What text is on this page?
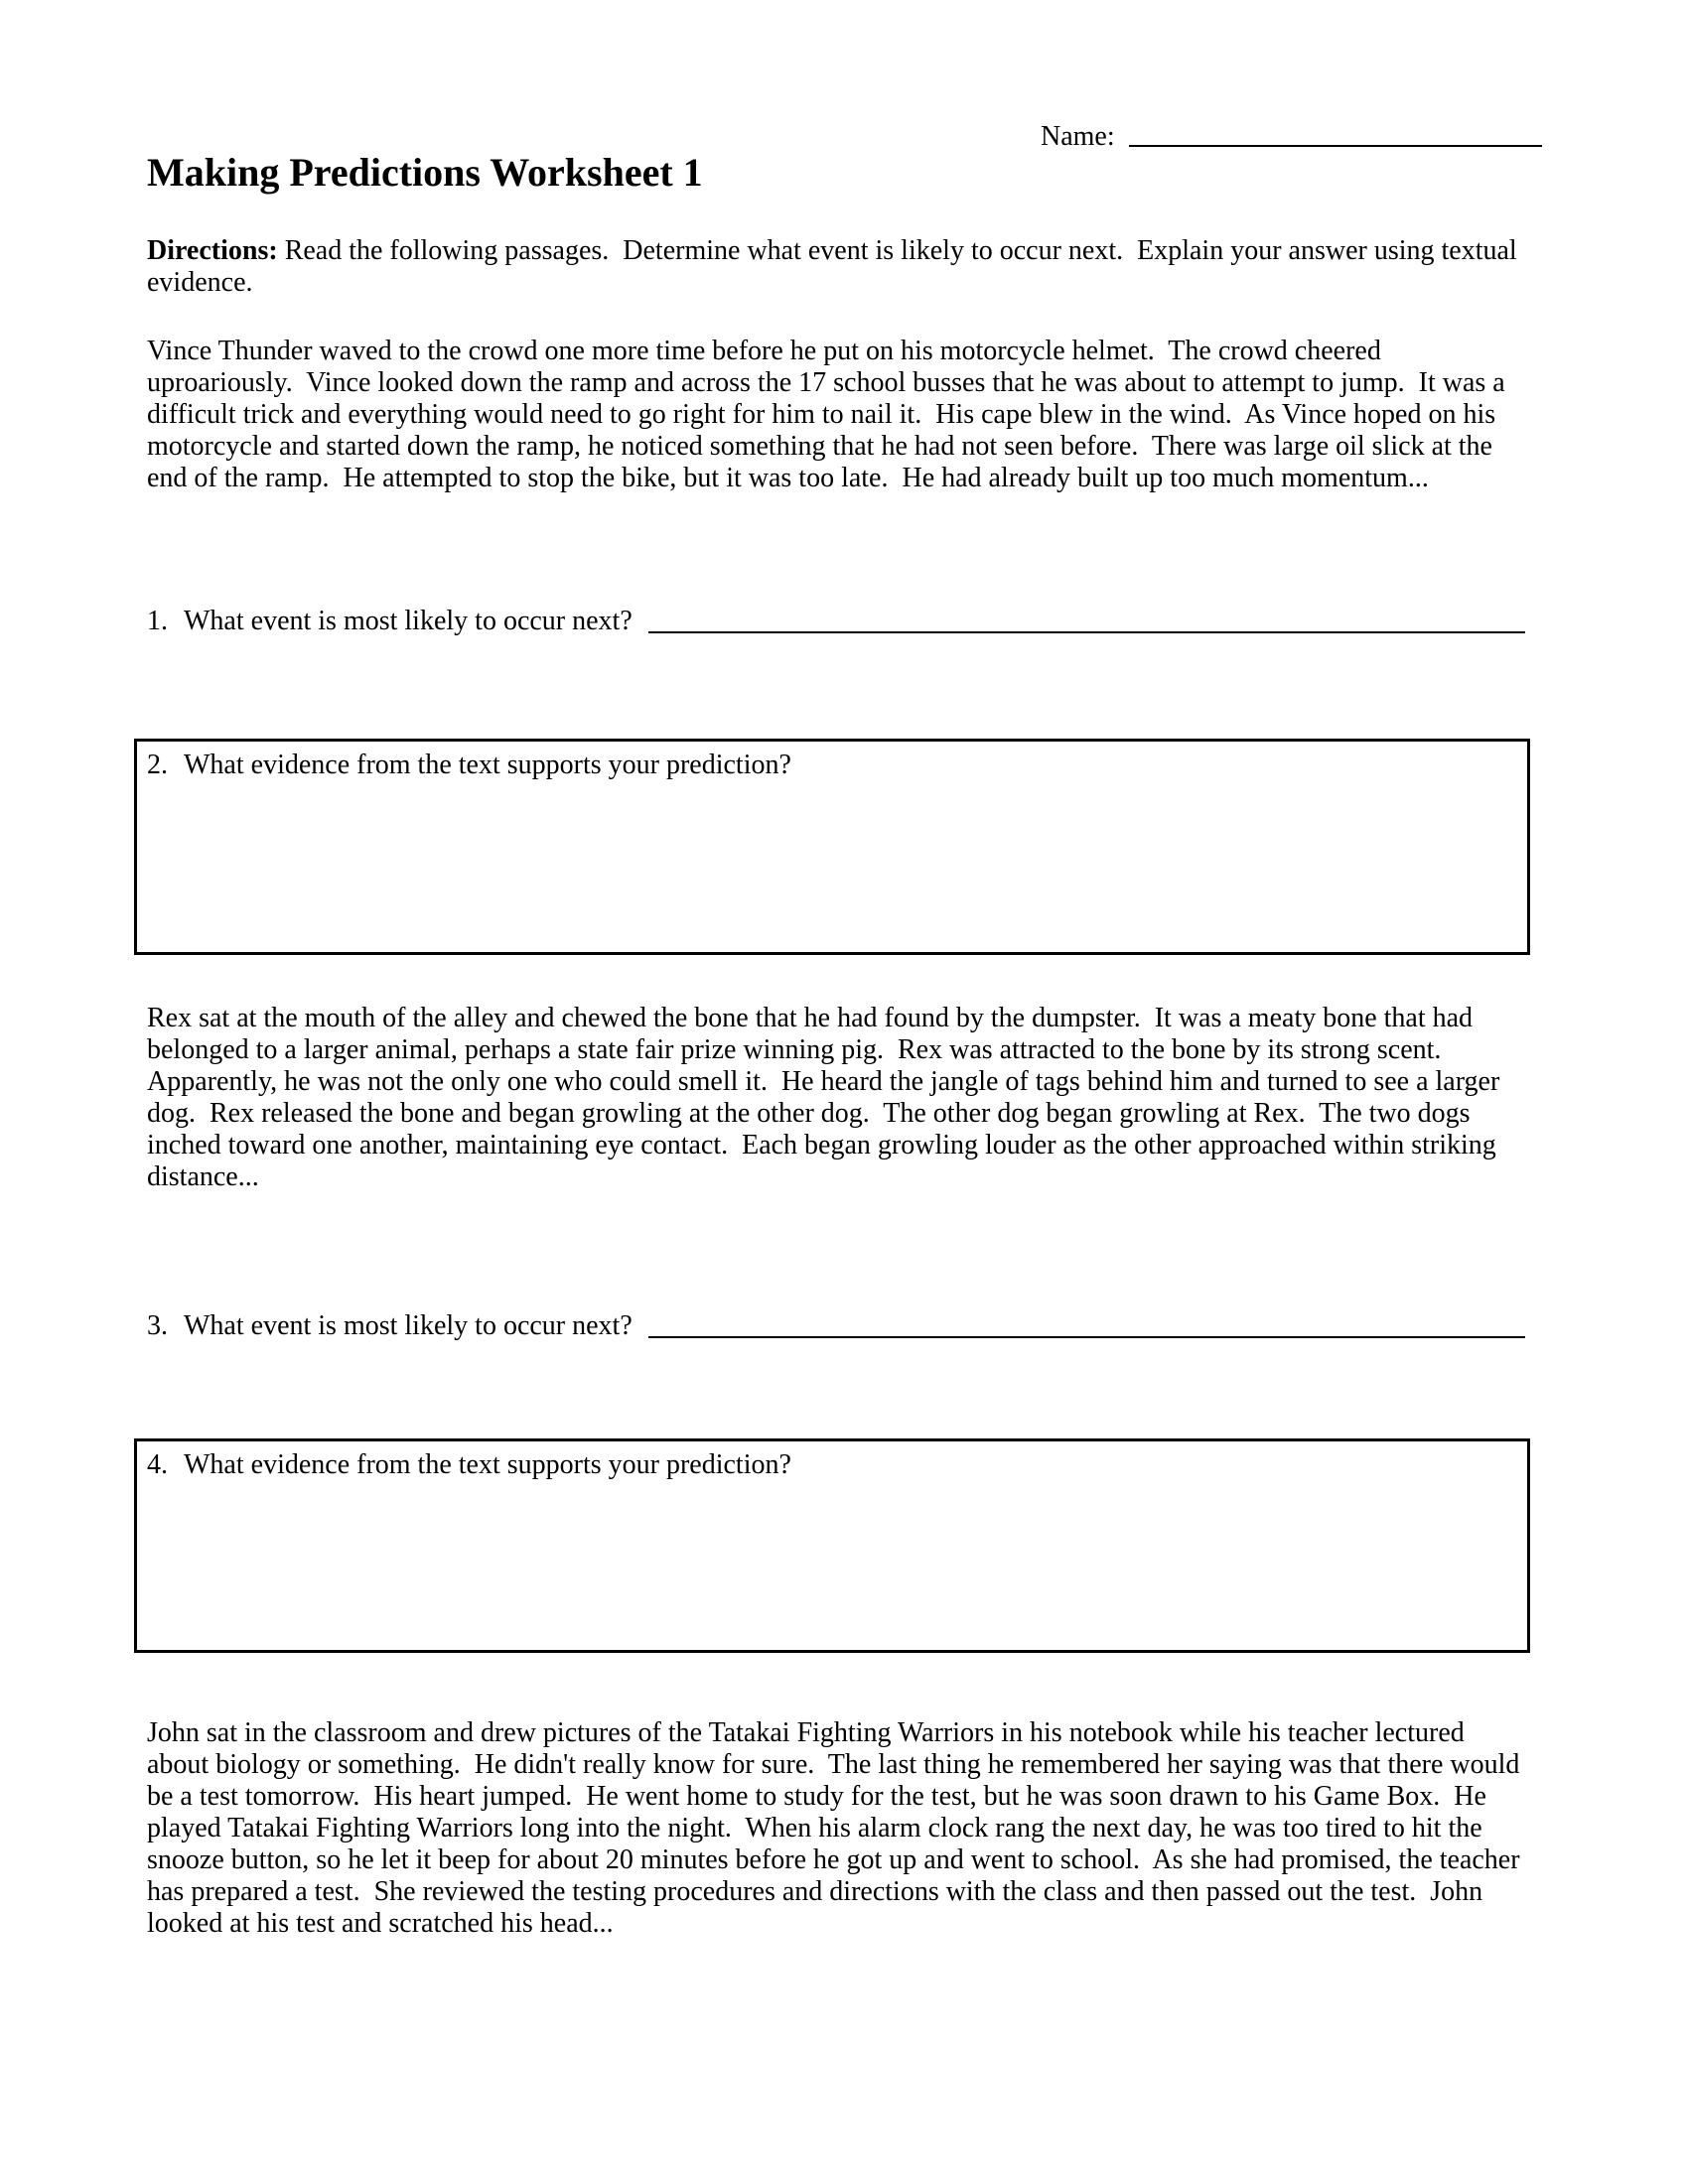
Name:
Making Predictions Worksheet 1

Directions: Read the following passages.  Determine what event is likely to occur next.  Explain your answer using textual evidence.

Vince Thunder waved to the crowd one more time before he put on his motorcycle helmet.  The crowd cheered uproariously.  Vince looked down the ramp and across the 17 school busses that he was about to attempt to jump.  It was a difficult trick and everything would need to go right for him to nail it.  His cape blew in the wind.  As Vince hoped on his motorcycle and started down the ramp, he noticed something that he had not seen before.  There was large oil slick at the end of the ramp.  He attempted to stop the bike, but it was too late.  He had already built up too much momentum...

1. What event is most likely to occur next?
2. What evidence from the text supports your prediction?

Rex sat at the mouth of the alley and chewed the bone that he had found by the dumpster.  It was a meaty bone that had belonged to a larger animal, perhaps a state fair prize winning pig.  Rex was attracted to the bone by its strong scent.  Apparently, he was not the only one who could smell it.  He heard the jangle of tags behind him and turned to see a larger dog.  Rex released the bone and began growling at the other dog.  The other dog began growling at Rex.  The two dogs inched toward one another, maintaining eye contact.  Each began growling louder as the other approached within striking distance...

3. What event is most likely to occur next?
4. What evidence from the text supports your prediction?

John sat in the classroom and drew pictures of the Tatakai Fighting Warriors in his notebook while his teacher lectured about biology or something.  He didn't really know for sure.  The last thing he remembered her saying was that there would be a test tomorrow.  His heart jumped.  He went home to study for the test, but he was soon drawn to his Game Box.  He played Tatakai Fighting Warriors long into the night.  When his alarm clock rang the next day, he was too tired to hit the snooze button, so he let it beep for about 20 minutes before he got up and went to school.  As she had promised, the teacher has prepared a test.  She reviewed the testing procedures and directions with the class and then passed out the test.  John looked at his test and scratched his head...
